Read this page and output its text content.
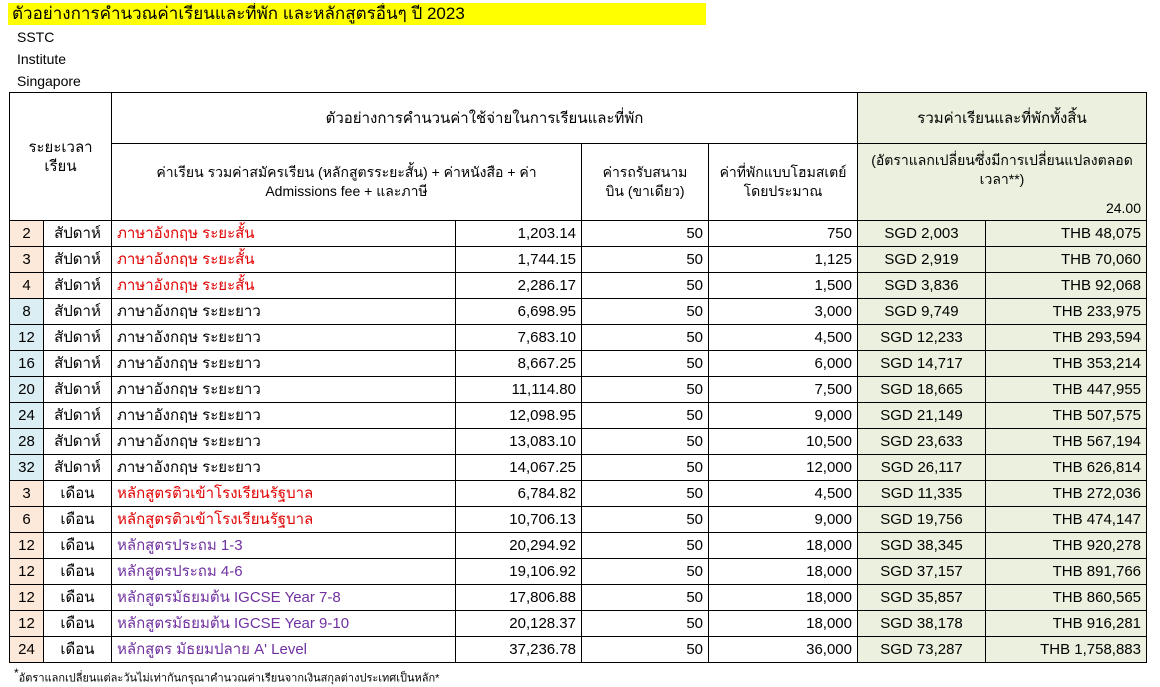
ตัวอย่างการคำนวณค่าเรียนและที่พัก และหลักสูตรอื่นๆ ปี 2023
SSTC
Institute
Singapore
ระยะเวลาเรียน		ตัวอย่างการคำนวนค่าใช้จ่ายในการเรียนและที่พัก				รวมค่าเรียนและที่พักทั้งสิ้น	
		ค่าเรียน รวมค่าสมัครเรียน (หลักสูตรระยะสั้น) + ค่าหนังสือ + ค่า Admissions fee + และภาษี		ค่ารถรับสนามบิน (ขาเดียว)	ค่าที่พักแบบโฮมสเตย์ โดยประมาณ	(อัตราแลกเปลี่ยนซึ่งมีการเปลี่ยนแปลงตลอดเวลา**)	
							24.00
2	สัปดาห์	ภาษาอังกฤษ ระยะสั้น	1,203.14	50	750	SGD 2,003	THB 48,075
3	สัปดาห์	ภาษาอังกฤษ ระยะสั้น	1,744.15	50	1,125	SGD 2,919	THB 70,060
4	สัปดาห์	ภาษาอังกฤษ ระยะสั้น	2,286.17	50	1,500	SGD 3,836	THB 92,068
8	สัปดาห์	ภาษาอังกฤษ ระยะยาว	6,698.95	50	3,000	SGD 9,749	THB 233,975
12	สัปดาห์	ภาษาอังกฤษ ระยะยาว	7,683.10	50	4,500	SGD 12,233	THB 293,594
16	สัปดาห์	ภาษาอังกฤษ ระยะยาว	8,667.25	50	6,000	SGD 14,717	THB 353,214
20	สัปดาห์	ภาษาอังกฤษ ระยะยาว	11,114.80	50	7,500	SGD 18,665	THB 447,955
24	สัปดาห์	ภาษาอังกฤษ ระยะยาว	12,098.95	50	9,000	SGD 21,149	THB 507,575
28	สัปดาห์	ภาษาอังกฤษ ระยะยาว	13,083.10	50	10,500	SGD 23,633	THB 567,194
32	สัปดาห์	ภาษาอังกฤษ ระยะยาว	14,067.25	50	12,000	SGD 26,117	THB 626,814
3	เดือน	หลักสูตรติวเข้าโรงเรียนรัฐบาล	6,784.82	50	4,500	SGD 11,335	THB 272,036
6	เดือน	หลักสูตรติวเข้าโรงเรียนรัฐบาล	10,706.13	50	9,000	SGD 19,756	THB 474,147
12	เดือน	หลักสูตรประถม 1-3	20,294.92	50	18,000	SGD 38,345	THB 920,278
12	เดือน	หลักสูตรประถม 4-6	19,106.92	50	18,000	SGD 37,157	THB 891,766
12	เดือน	หลักสูตรมัธยมต้น IGCSE Year 7-8	17,806.88	50	18,000	SGD 35,857	THB 860,565
12	เดือน	หลักสูตรมัธยมต้น IGCSE Year 9-10	20,128.37	50	18,000	SGD 38,178	THB 916,281
24	เดือน	หลักสูตร มัธยมปลาย A' Level	37,236.78	50	36,000	SGD 73,287	THB 1,758,883
*อัตราแลกเปลี่ยนแต่ละวันไม่เท่ากันกรุณาคำนวณค่าเรียนจากเงินสกุลต่างประเทศเป็นหลัก*
